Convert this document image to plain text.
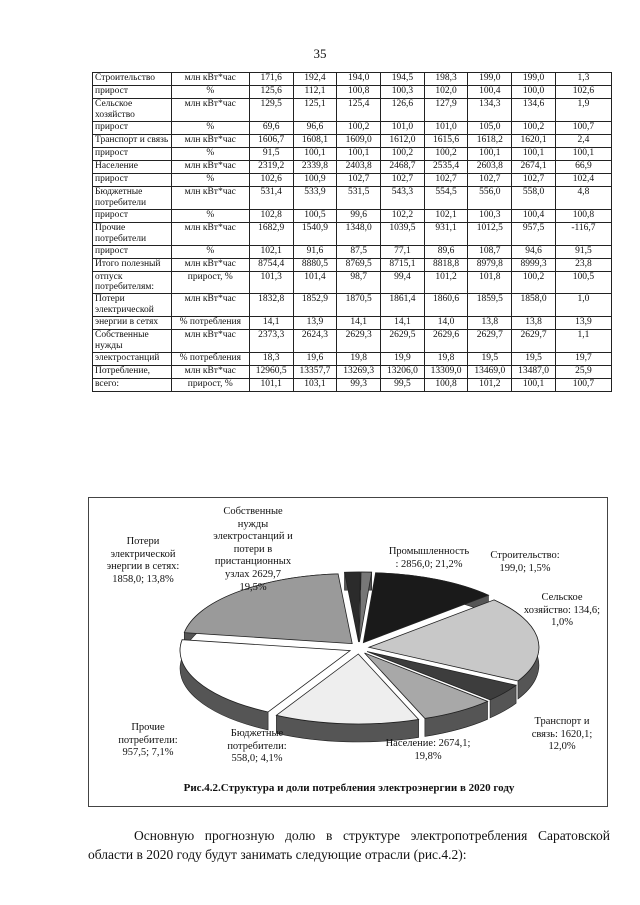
35
Строительство	млн кВт*час	171,6	192,4	194,0	194,5	198,3	199,0	199,0	1,3
прирост	%	125,6	112,1	100,8	100,3	102,0	100,4	100,0	102,6
Сельское хозяйство	млн кВт*час	129,5	125,1	125,4	126,6	127,9	134,3	134,6	1,9
прирост	%	69,6	96,6	100,2	101,0	101,0	105,0	100,2	100,7
Транспорт и связь	млн кВт*час	1606,7	1608,1	1609,0	1612,0	1615,6	1618,2	1620,1	2,4
прирост	%	91,5	100,1	100,1	100,2	100,2	100,1	100,1	100,1
Население	млн кВт*час	2319,2	2339,8	2403,8	2468,7	2535,4	2603,8	2674,1	66,9
прирост	%	102,6	100,9	102,7	102,7	102,7	102,7	102,7	102,4
Бюджетные потребители	млн кВт*час	531,4	533,9	531,5	543,3	554,5	556,0	558,0	4,8
прирост	%	102,8	100,5	99,6	102,2	102,1	100,3	100,4	100,8
Прочие потребители	млн кВт*час	1682,9	1540,9	1348,0	1039,5	931,1	1012,5	957,5	-116,7
прирост	%	102,1	91,6	87,5	77,1	89,6	108,7	94,6	91,5
Итого полезный	млн кВт*час	8754,4	8880,5	8769,5	8715,1	8818,8	8979,8	8999,3	23,8
отпуск потребителям:	прирост, %	101,3	101,4	98,7	99,4	101,2	101,8	100,2	100,5
Потери электрической	млн кВт*час	1832,8	1852,9	1870,5	1861,4	1860,6	1859,5	1858,0	1,0
энергии в сетях	% потребления	14,1	13,9	14,1	14,1	14,0	13,8	13,8	13,9
Собственные нужды	млн кВт*час	2373,3	2624,3	2629,3	2629,5	2629,6	2629,7	2629,7	1,1
электростанций	% потребления	18,3	19,6	19,8	19,9	19,8	19,5	19,5	19,7
Потребление,	млн кВт*час	12960,5	13357,7	13269,3	13206,0	13309,0	13469,0	13487,0	25,9
всего:	прирост, %	101,1	103,1	99,3	99,5	100,8	101,2	100,1	100,7
Потери
электрической
энергии в сетях:
1858,0; 13,8%
Собственные
нужды
электростанций и
потери в
пристанционных
узлах 2629,7
19,5%
Промышленность
: 2856,0; 21,2%
Строительство:
199,0; 1,5%
Сельское
хозяйство: 134,6;
1,0%
Транспорт и
связь: 1620,1;
12,0%
Население: 2674,1;
19,8%
Бюджетные
потребители:
558,0; 4,1%
Прочие
потребители:
957,5; 7,1%
Рис.4.2.Структура и доли потребления электроэнергии в 2020 году
Основную прогнозную долю в структуре электропотребления Саратовской области в 2020 году будут занимать следующие отрасли (рис.4.2):
